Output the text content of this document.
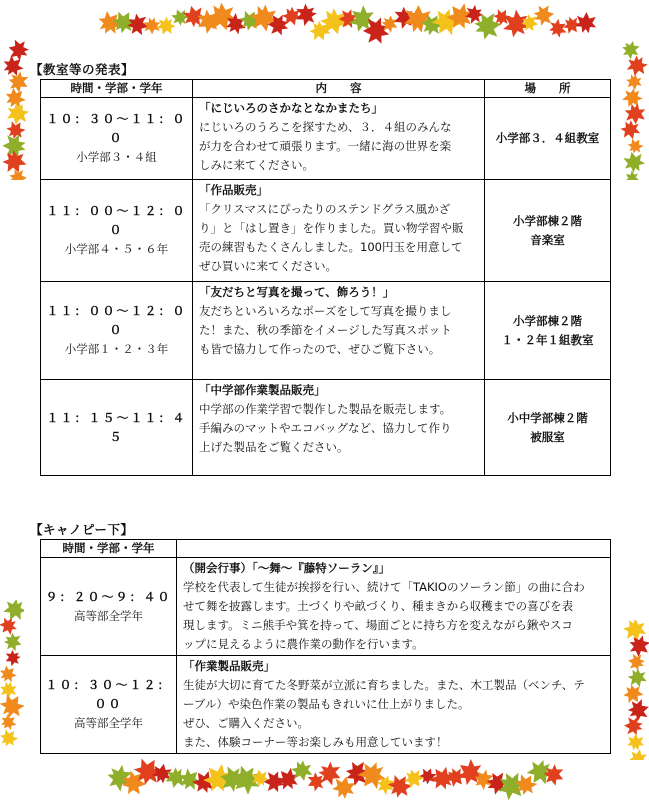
【教室等の発表】
時間・学部・学年	内　　容	場　　所

１０：３０～１１：００
小学部３・４組	「にじいろのさかなとなかまたち」
にじいろのうろこを探すため、３．４組のみんな
が力を合わせて頑張ります。一緒に海の世界を楽
しみに来てください。	小学部３．４組教室

１１：００～１２：００
小学部４・５・６年	「作品販売」
「クリスマスにぴったりのステンドグラス風かざ
り」と「はし置き」を作りました。買い物学習や販
売の練習もたくさんしました。100円玉を用意して
ぜひ買いに来てください。	小学部棟２階
音楽室

１１：００～１２：００
小学部１・２・３年	「友だちと写真を撮って、飾ろう！」
友だちといろいろなポーズをして写真を撮りまし
た！また、秋の季節をイメージした写真スポット
も皆で協力して作ったので、ぜひご覧下さい。	小学部棟２階
１・２年１組教室

１１：１５～１１：４５	「中学部作業製品販売」
中学部の作業学習で製作した製品を販売します。
手編みのマットやエコバッグなど、協力して作り
上げた製品をご覧ください。	小中学部棟２階
被服室
【キャノピー下】
時間・学部・学年	

９：２０～９：４０
高等部全学年	（開会行事）「～舞～『藤特ソーラン』」
学校を代表して生徒が挨拶を行い、続けて「TAKIOのソーラン節」の曲に合わ
せて舞を披露します。土づくりや畝づくり、種まきから収穫までの喜びを表
現します。ミニ熊手や箕を持って、場面ごとに持ち方を変えながら鍬やスコ
ップに見えるように農作業の動作を行います。

１０：３０～１２：００
高等部全学年	「作業製品販売」
生徒が大切に育てた冬野菜が立派に育ちました。また、木工製品（ベンチ、テ
ーブル）や染色作業の製品もきれいに仕上がりました。
ぜひ、ご購入ください。
また、体験コーナー等お楽しみも用意しています！
